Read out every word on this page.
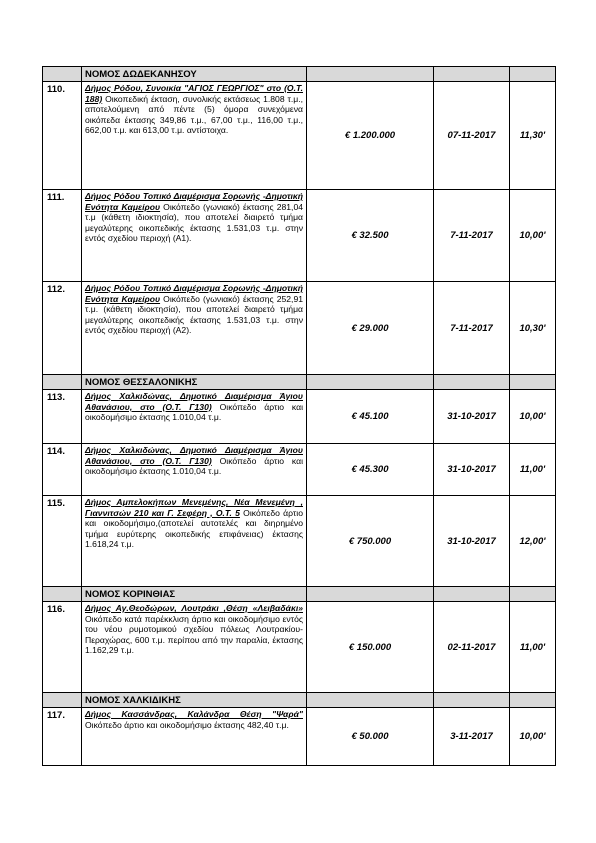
	ΝΟΜΟΣ ΔΩΔΕΚΑΝΗΣΟΥ			
110.	Δήμος Ρόδου, Συνοικία "ΑΓΙΟΣ ΓΕΩΡΓΙΟΣ" στο (Ο.Τ. 188) Οικοπεδική έκταση, συνολικής εκτάσεως 1.808 τ.μ., αποτελούμενη από πέντε (5) όμορα συνεχόμενα οικόπεδα έκτασης 349,86 τ.μ., 67,00 τ.μ., 116,00 τ.μ., 662,00 τ.μ. και 613,00 τ.μ. αντίστοιχα.	€ 1.200.000	07-11-2017	11,30'
111.	Δήμος Ρόδου Τοπικό Διαμέρισμα Σορωνής -Δημοτική Ενότητα Καμείρου Οικόπεδο (γωνιακό) έκτασης 281,04 τ.μ (κάθετη ιδιοκτησία), που αποτελεί διαιρετό τμήμα μεγαλύτερης οικοπεδικής έκτασης 1.531,03 τ.μ. στην εντός σχεδίου περιοχή (Α1).	€ 32.500	7-11-2017	10,00'
112.	Δήμος Ρόδου Τοπικό Διαμέρισμα Σορωνής -Δημοτική Ενότητα Καμείρου Οικόπεδο (γωνιακό) έκτασης 252,91 τ.μ. (κάθετη ιδιοκτησία), που αποτελεί διαιρετό τμήμα μεγαλύτερης οικοπεδικής έκτασης 1.531,03 τ.μ. στην εντός σχεδίου περιοχή (Α2).	€ 29.000	7-11-2017	10,30'
	ΝΟΜΟΣ ΘΕΣΣΑΛΟΝΙΚΗΣ			
113.	Δήμος Χαλκιδώνας, Δημοτικό Διαμέρισμα Άγιου Αθανάσιου, στο (Ο.Τ. Γ130) Οικόπεδο άρτιο και οικοδομήσιμο έκτασης 1.010,04 τ.μ.	€ 45.100	31-10-2017	10,00'
114.	Δήμος Χαλκιδώνας, Δημοτικό Διαμέρισμα Άγιου Αθανάσιου, στο (Ο.Τ. Γ130) Οικόπεδο άρτιο και οικοδομήσιμο έκτασης 1.010,04 τ.μ.	€ 45.300	31-10-2017	11,00'
115.	Δήμος Αμπελοκήπων Μενεμένης, Νέα Μενεμένη , Γιαννιτσών 210 και Γ. Σεφέρη , Ο.Τ. 5 Οικόπεδο άρτιο και οικοδομήσιμο,(αποτελεί αυτοτελές και διηρημένο τμήμα ευρύτερης οικοπεδικής επιφάνειας) έκτασης 1.618,24 τ.μ.	€ 750.000	31-10-2017	12,00'
	ΝΟΜΟΣ ΚΟΡΙΝΘΙΑΣ			
116.	Δήμος Αγ.Θεοδώρων, Λουτράκι ,Θέση «Λειβαδάκι» Οικόπεδο κατά παρέκκλιση άρτιο και οικοδομήσιμο εντός του νέου ρυμοτομικού σχεδίου πόλεως Λουτρακίου-Περαχώρας, 600 τ.μ. περίπου από την παραλία, έκτασης 1.162,29 τ.μ.	€ 150.000	02-11-2017	11,00'
	ΝΟΜΟΣ ΧΑΛΚΙΔΙΚΗΣ			
117.	Δήμος Κασσάνδρας, Καλάνδρα Θέση "Ψαρά" Οικόπεδο άρτιο και οικοδομήσιμο έκτασης 482,40 τ.μ.	€ 50.000	3-11-2017	10,00'
